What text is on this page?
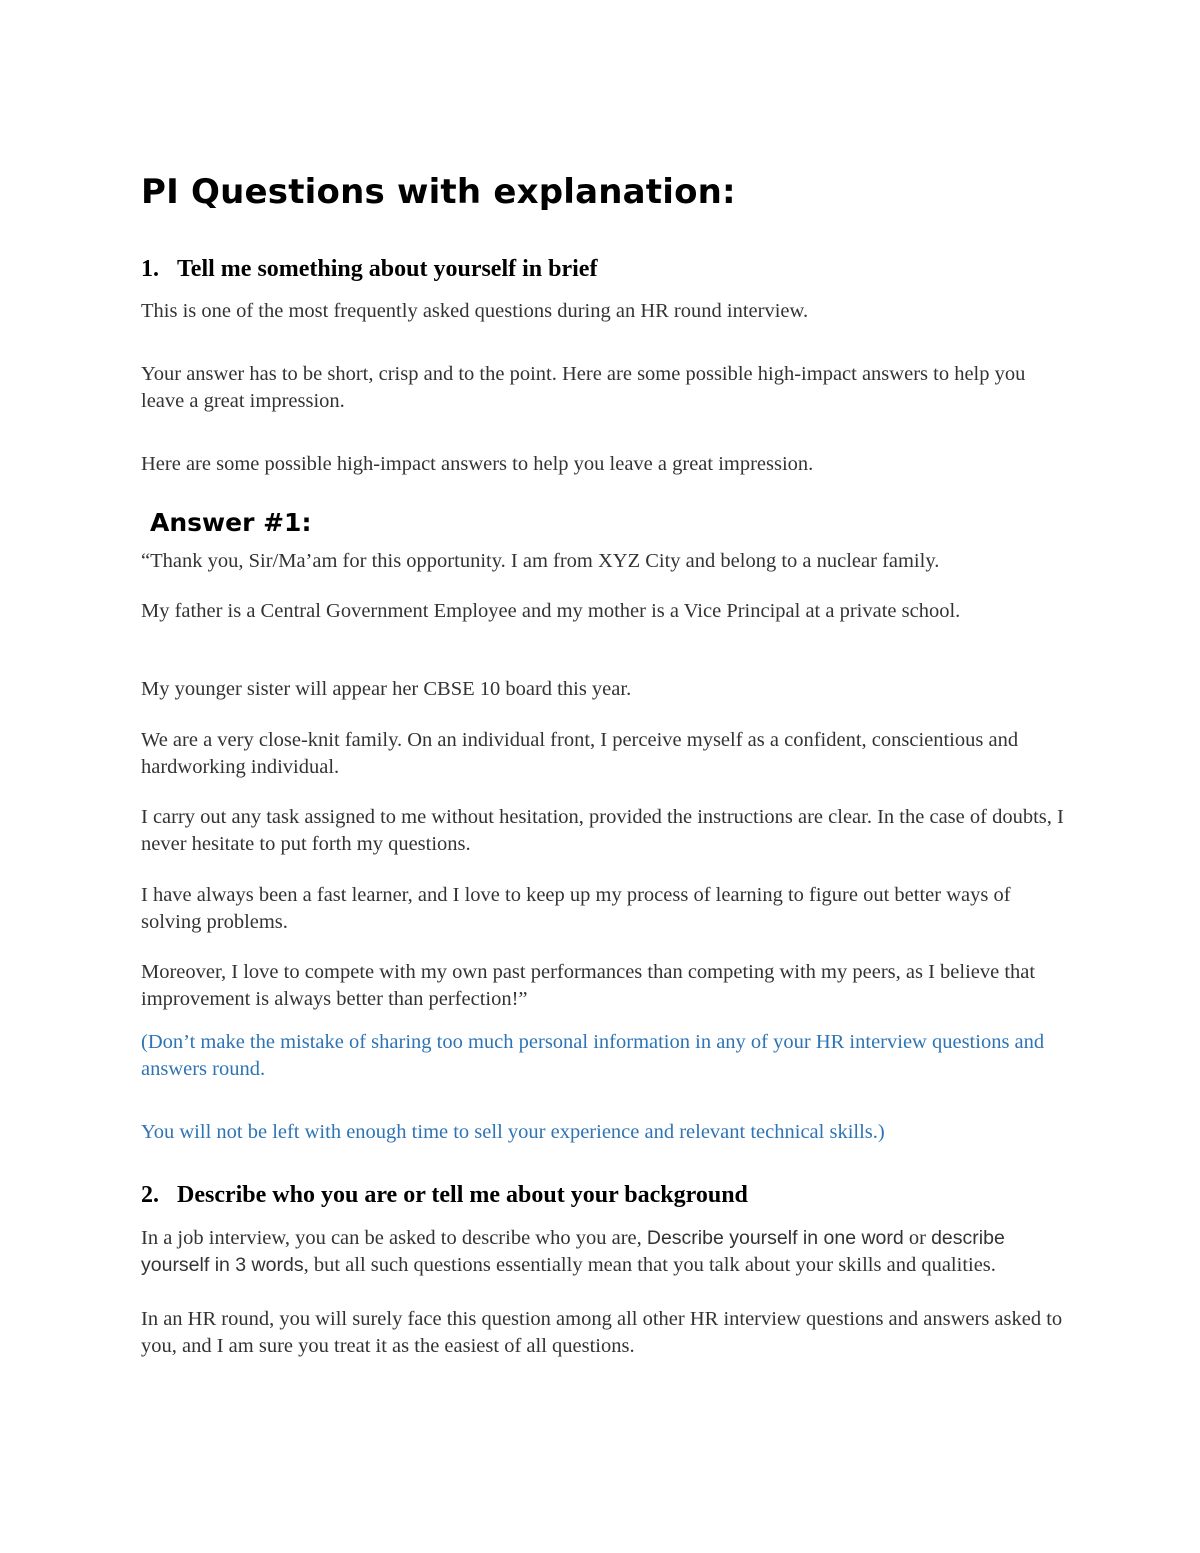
PI Questions with explanation:
1. Tell me something about yourself in brief

This is one of the most frequently asked questions during an HR round interview.

Your answer has to be short, crisp and to the point. Here are some possible high-impact answers to help you leave a great impression.

Here are some possible high-impact answers to help you leave a great impression.

Answer #1:

“Thank you, Sir/Ma’am for this opportunity. I am from XYZ City and belong to a nuclear family.

My father is a Central Government Employee and my mother is a Vice Principal at a private school.

My younger sister will appear her CBSE 10 board this year.

We are a very close-knit family. On an individual front, I perceive myself as a confident, conscientious and hardworking individual.

I carry out any task assigned to me without hesitation, provided the instructions are clear. In the case of doubts, I never hesitate to put forth my questions.

I have always been a fast learner, and I love to keep up my process of learning to figure out better ways of solving problems.

Moreover, I love to compete with my own past performances than competing with my peers, as I believe that improvement is always better than perfection!”

(Don’t make the mistake of sharing too much personal information in any of your HR interview questions and answers round.

You will not be left with enough time to sell your experience and relevant technical skills.)

2. Describe who you are or tell me about your background

In a job interview, you can be asked to describe who you are, Describe yourself in one word or describe yourself in 3 words, but all such questions essentially mean that you talk about your skills and qualities.

In an HR round, you will surely face this question among all other HR interview questions and answers asked to you, and I am sure you treat it as the easiest of all questions.
